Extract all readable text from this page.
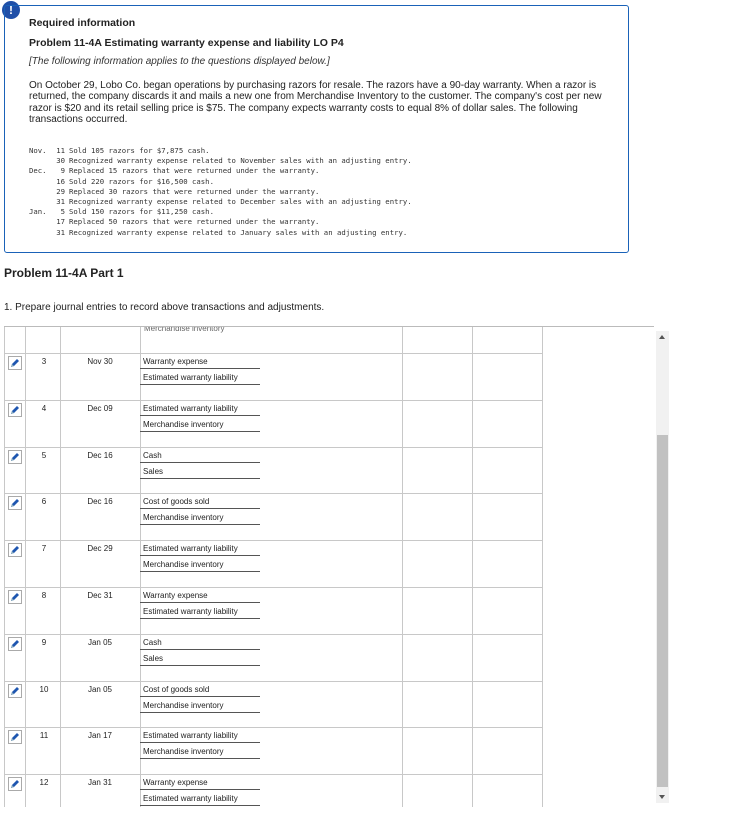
!
Required information
Problem 11-4A Estimating warranty expense and liability LO P4
[The following information applies to the questions displayed below.]
On October 29, Lobo Co. began operations by purchasing razors for resale. The razors have a 90-day warranty. When a razor is returned, the company discards it and mails a new one from Merchandise Inventory to the customer. The company's cost per new razor is $20 and its retail selling price is $75. The company expects warranty costs to equal 8% of dollar sales. The following transactions occurred.
Nov.	11 Sold 105 razors for $7,875 cash.
30 Recognized warranty expense related to November sales with an adjusting entry.
Dec.	9 Replaced 15 razors that were returned under the warranty.
16 Sold 220 razors for $16,500 cash.
29 Replaced 30 razors that were returned under the warranty.
31 Recognized warranty expense related to December sales with an adjusting entry.
Jan.	5 Sold 150 razors for $11,250 cash.
17 Replaced 50 razors that were returned under the warranty.
31 Recognized warranty expense related to January sales with an adjusting entry.
Problem 11-4A Part 1
1. Prepare journal entries to record above transactions and adjustments.
Merchandise inventory
3	Nov 30	Warranty expense
Estimated warranty liability
4	Dec 09	Estimated warranty liability
Merchandise inventory
5	Dec 16	Cash
Sales
6	Dec 16	Cost of goods sold
Merchandise inventory
7	Dec 29	Estimated warranty liability
Merchandise inventory
8	Dec 31	Warranty expense
Estimated warranty liability
9	Jan 05	Cash
Sales
10	Jan 05	Cost of goods sold
Merchandise inventory
11	Jan 17	Estimated warranty liability
Merchandise inventory
12	Jan 31	Warranty expense
Estimated warranty liability
